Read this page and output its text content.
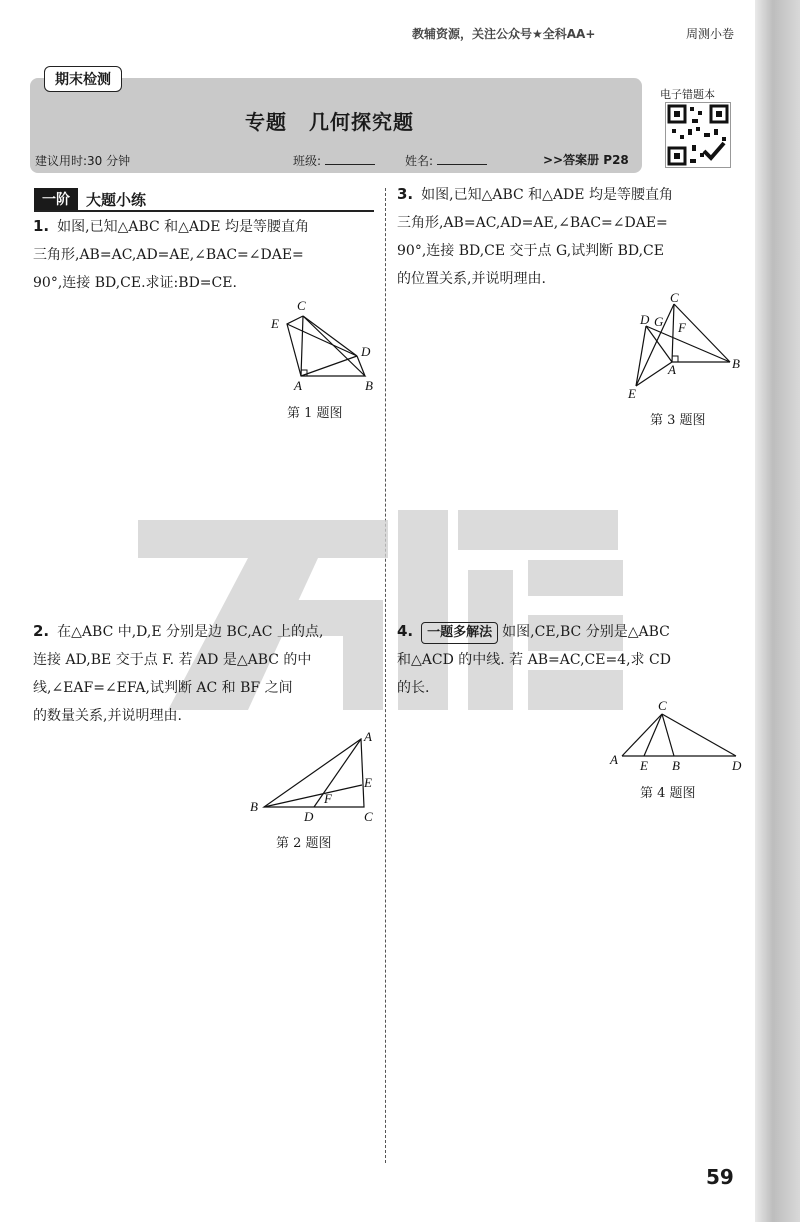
教辅资源，关注公众号★全科AA+	周测小卷
期末检测
专题 几何探究题
建议用时:30 分钟	班级:	姓名:	>>答案册 P28
电子错题本
一阶	大题小练
1. 如图,已知△ABC 和△ADE 均是等腰直角
三角形,AB=AC,AD=AE,∠BAC=∠DAE=
90°,连接 BD,CE.求证:BD=CE.
C
E
D
A	B
第 1 题图
2. 在△ABC 中,D,E 分别是边 BC,AC 上的点,
连接 AD,BE 交于点 F. 若 AD 是△ABC 的中
线,∠EAF=∠EFA,试判断 AC 和 BF 之间
的数量关系,并说明理由.
A
E
F
B
D	C
第 2 题图
3. 如图,已知△ABC 和△ADE 均是等腰直角
三角形,AB=AC,AD=AE,∠BAC=∠DAE=
90°,连接 BD,CE 交于点 G,试判断 BD,CE
的位置关系,并说明理由.
C
D G F
B
A
E
第 3 题图
4. 一题多解法 如图,CE,BC 分别是△ABC
和△ACD 的中线. 若 AB=AC,CE=4,求 CD
的长.
C
A E B	D
第 4 题图
59
